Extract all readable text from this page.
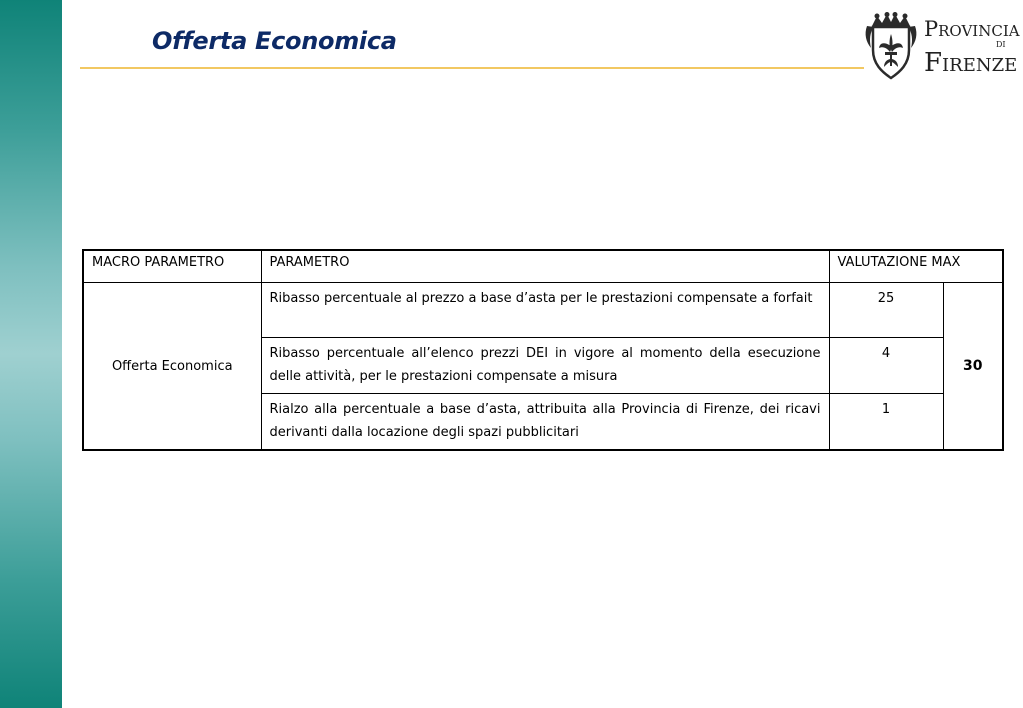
Offerta Economica	PROVINCIA
DI
FIRENZE
MACRO PARAMETRO	PARAMETRO	VALUTAZIONE MAX	
Offerta Economica	Ribasso percentuale al prezzo a base d’asta per le prestazioni compensate a forfait	25	30
	Ribasso percentuale all’elenco prezzi DEI in vigore al momento della esecuzione delle attività, per le prestazioni compensate a misura	4	
	Rialzo alla percentuale a base d’asta, attribuita alla Provincia di Firenze, dei ricavi derivanti dalla locazione degli spazi pubblicitari	1	
